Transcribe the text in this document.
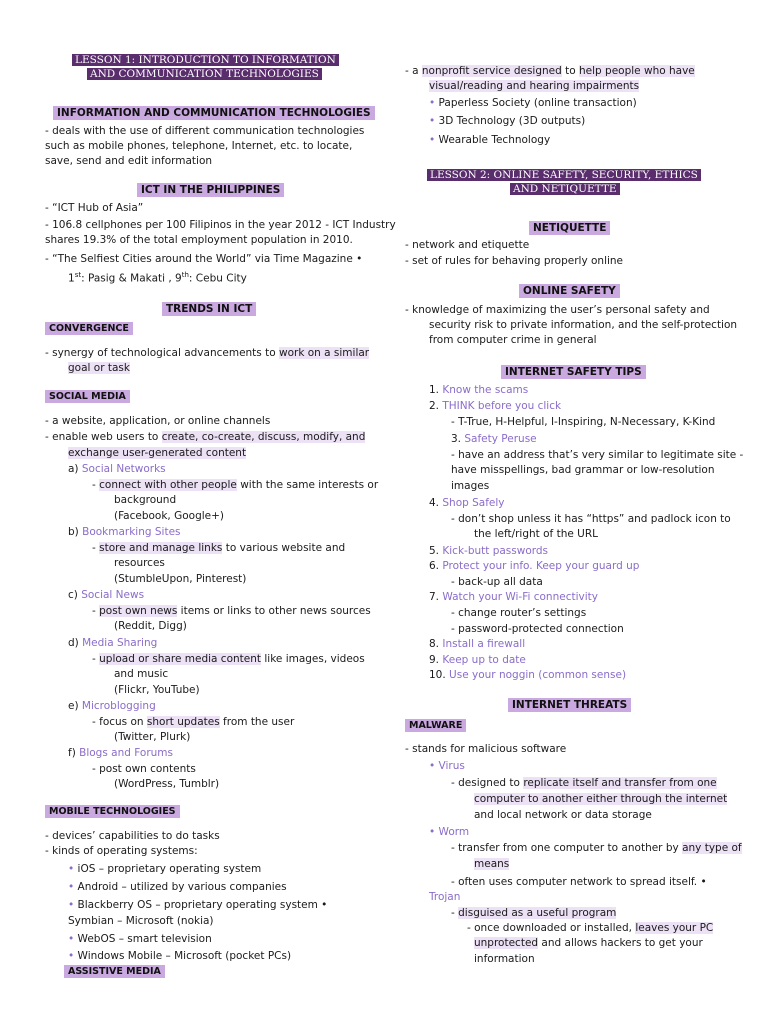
LESSON 1: INTRODUCTION TO INFORMATION
AND COMMUNICATION TECHNOLOGIES
INFORMATION AND COMMUNICATION TECHNOLOGIES
- deals with the use of different communication technologies
such as mobile phones, telephone, Internet, etc. to locate,
save, send and edit information
ICT IN THE PHILIPPINES
- “ICT Hub of Asia”
- 106.8 cellphones per 100 Filipinos in the year 2012 - ICT Industry
shares 19.3% of the total employment population in 2010.
- “The Selfiest Cities around the World” via Time Magazine •
1st: Pasig & Makati , 9th: Cebu City
TRENDS IN ICT
CONVERGENCE
- synergy of technological advancements to work on a similar
goal or task
SOCIAL MEDIA
- a website, application, or online channels
- enable web users to create, co-create, discuss, modify, and
exchange user-generated content
a) Social Networks
- connect with other people with the same interests or
background
(Facebook, Google+)
b) Bookmarking Sites
- store and manage links to various website and
resources
(StumbleUpon, Pinterest)
c) Social News
- post own news items or links to other news sources
(Reddit, Digg)
d) Media Sharing
- upload or share media content like images, videos
and music
(Flickr, YouTube)
e) Microblogging
- focus on short updates from the user
(Twitter, Plurk)
f) Blogs and Forums
- post own contents
(WordPress, Tumblr)
MOBILE TECHNOLOGIES
- devices’ capabilities to do tasks
- kinds of operating systems:
• iOS – proprietary operating system
• Android – utilized by various companies
• Blackberry OS – proprietary operating system •
Symbian – Microsoft (nokia)
• WebOS – smart television
• Windows Mobile – Microsoft (pocket PCs)
ASSISTIVE MEDIA
- a nonprofit service designed to help people who have
visual/reading and hearing impairments
• Paperless Society (online transaction)
• 3D Technology (3D outputs)
• Wearable Technology
LESSON 2: ONLINE SAFETY, SECURITY, ETHICS
AND NETIQUETTE
NETIQUETTE
- network and etiquette
- set of rules for behaving properly online
ONLINE SAFETY
- knowledge of maximizing the user’s personal safety and
security risk to private information, and the self-protection
from computer crime in general
INTERNET SAFETY TIPS
1. Know the scams
2. THINK before you click
- T-True, H-Helpful, I-Inspiring, N-Necessary, K-Kind
3. Safety Peruse
- have an address that’s very similar to legitimate site -
have misspellings, bad grammar or low-resolution
images
4. Shop Safely
- don’t shop unless it has “https” and padlock icon to
the left/right of the URL
5. Kick-butt passwords
6. Protect your info. Keep your guard up
- back-up all data
7. Watch your Wi-Fi connectivity
- change router’s settings
- password-protected connection
8. Install a firewall
9. Keep up to date
10. Use your noggin (common sense)
INTERNET THREATS
MALWARE
- stands for malicious software
• Virus
- designed to replicate itself and transfer from one
computer to another either through the internet
and local network or data storage
• Worm
- transfer from one computer to another by any type of
means
- often uses computer network to spread itself. •
Trojan
- disguised as a useful program
- once downloaded or installed, leaves your PC
unprotected and allows hackers to get your
information
